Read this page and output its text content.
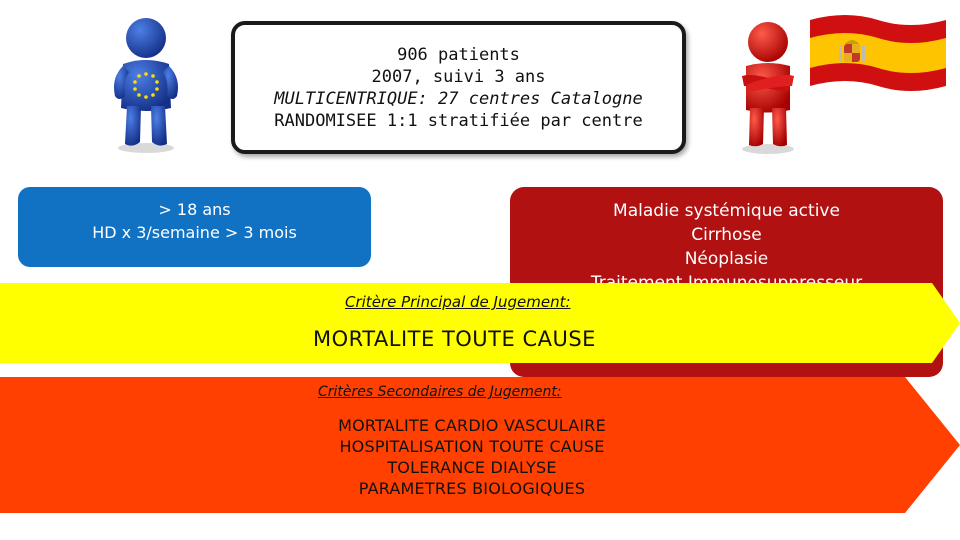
906 patients
2007, suivi 3 ans
MULTICENTRIQUE: 27 centres Catalogne
RANDOMISEE 1:1 stratifiée par centre
> 18 ans
HD x 3/semaine > 3 mois
Maladie systémique active
Cirrhose
Néoplasie
Critère Principal de Jugement:
MORTALITE TOUTE CAUSE
Critères Secondaires de Jugement:
MORTALITE CARDIO VASCULAIRE
HOSPITALISATION TOUTE CAUSE
TOLERANCE DIALYSE
PARAMETRES BIOLOGIQUES
